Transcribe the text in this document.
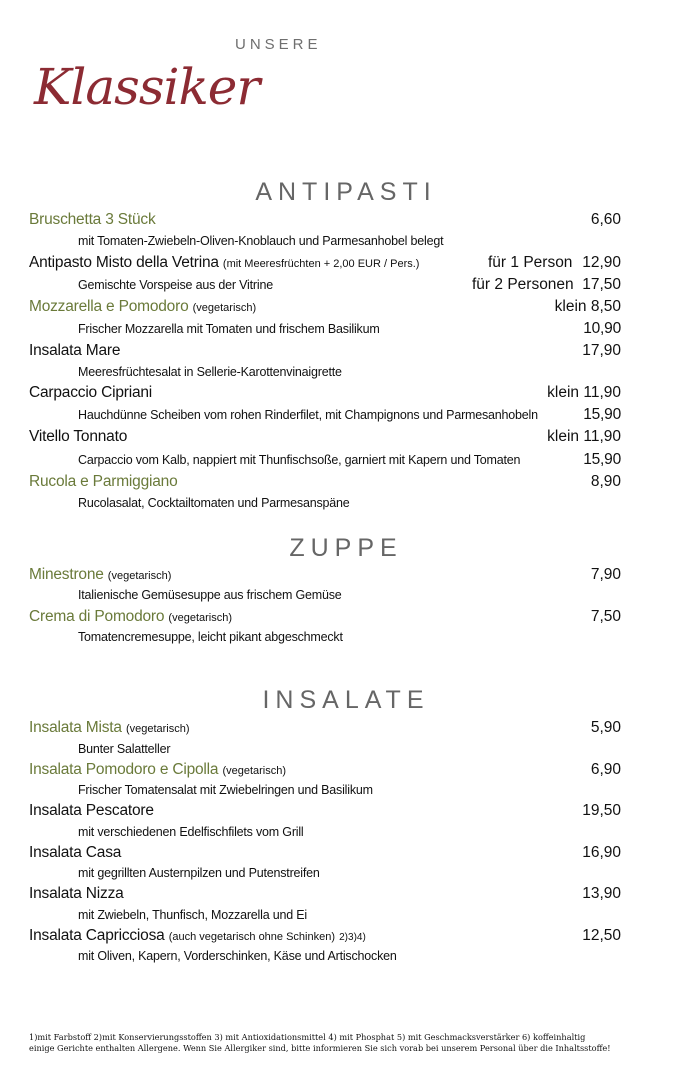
UNSERE
Klassiker
ANTIPASTI
Bruschetta 3 Stück	6,60
mit Tomaten-Zwiebeln-Oliven-Knoblauch und Parmesanhobel belegt
Antipasto Misto della Vetrina (mit Meeresfrüchten + 2,00 EUR / Pers.)	für 1 Person 12,90
Gemischte Vorspeise aus der Vitrine	für 2 Personen 17,50
Mozzarella e Pomodoro (vegetarisch)	klein 8,50
Frischer Mozzarella mit Tomaten und frischem Basilikum	10,90
Insalata Mare	17,90
Meeresfrüchtesalat in Sellerie-Karottenvinaigrette
Carpaccio Cipriani	klein 11,90
Hauchdünne Scheiben vom rohen Rinderfilet, mit Champignons und Parmesanhobeln	15,90
Vitello Tonnato	klein 11,90
Carpaccio vom Kalb, nappiert mit Thunfischsoße, garniert mit Kapern und Tomaten	15,90
Rucola e Parmiggiano	8,90
Rucolasalat, Cocktailtomaten und Parmesanspäne
ZUPPE
Minestrone (vegetarisch)	7,90
Italienische Gemüsesuppe aus frischem Gemüse
Crema di Pomodoro (vegetarisch)	7,50
Tomatencremesuppe, leicht pikant abgeschmeckt
INSALATE
Insalata Mista (vegetarisch)	5,90
Bunter Salatteller
Insalata Pomodoro e Cipolla (vegetarisch)	6,90
Frischer Tomatensalat mit Zwiebelringen und Basilikum
Insalata Pescatore	19,50
mit verschiedenen Edelfischfilets vom Grill
Insalata Casa	16,90
mit gegrillten Austernpilzen und Putenstreifen
Insalata Nizza	13,90
mit Zwiebeln, Thunfisch, Mozzarella und Ei
Insalata Capricciosa (auch vegetarisch ohne Schinken) 2)3)4)	12,50
mit Oliven, Kapern, Vorderschinken, Käse und Artischocken
1)mit Farbstoff 2)mit Konservierungsstoffen 3) mit Antioxidationsmittel 4) mit Phosphat 5) mit Geschmacksverstärker 6) koffeinhaltig
einige Gerichte enthalten Allergene. Wenn Sie Allergiker sind, bitte informieren Sie sich vorab bei unserem Personal über die Inhaltsstoffe!
